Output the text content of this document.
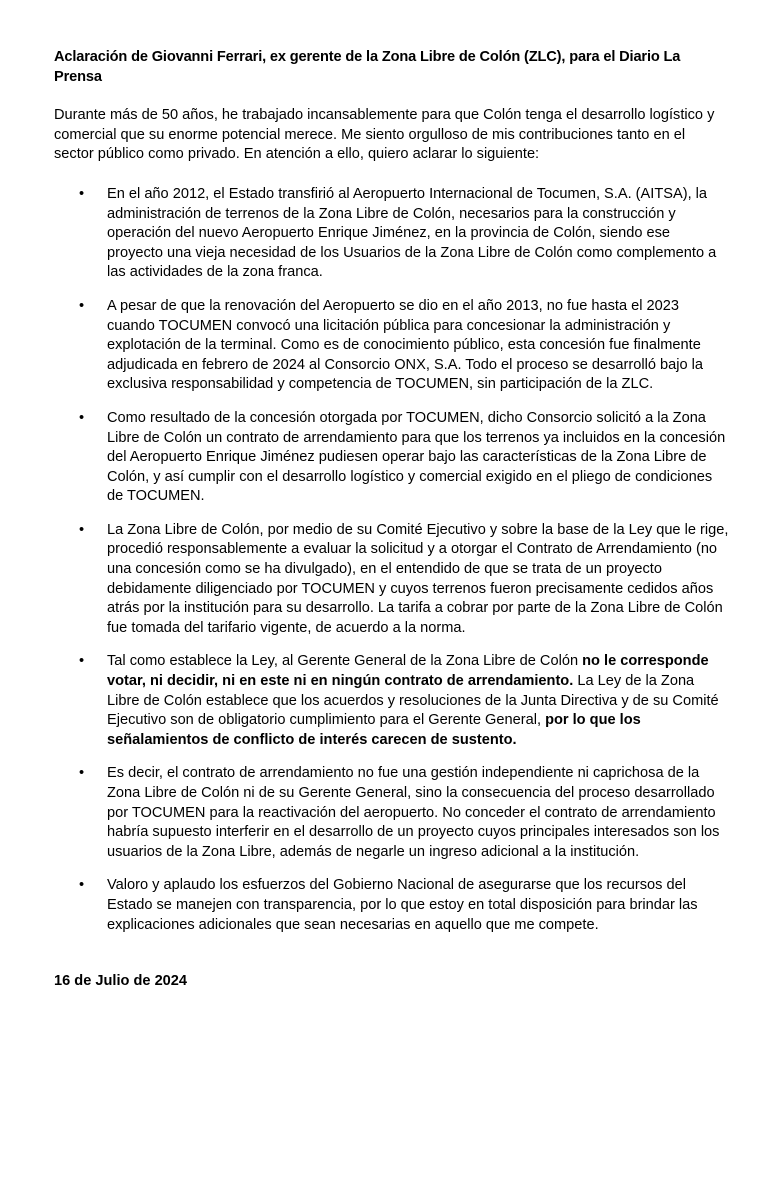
Aclaración de Giovanni Ferrari, ex gerente de la Zona Libre de Colón (ZLC), para el Diario La Prensa

Durante más de 50 años, he trabajado incansablemente para que Colón tenga el desarrollo logístico y comercial que su enorme potencial merece. Me siento orgulloso de mis contribuciones tanto en el sector público como privado. En atención a ello, quiero aclarar lo siguiente:

• En el año 2012, el Estado transfirió al Aeropuerto Internacional de Tocumen, S.A. (AITSA), la administración de terrenos de la Zona Libre de Colón, necesarios para la construcción y operación del nuevo Aeropuerto Enrique Jiménez, en la provincia de Colón, siendo ese proyecto una vieja necesidad de los Usuarios de la Zona Libre de Colón como complemento a las actividades de la zona franca.
• A pesar de que la renovación del Aeropuerto se dio en el año 2013, no fue hasta el 2023 cuando TOCUMEN convocó una licitación pública para concesionar la administración y explotación de la terminal. Como es de conocimiento público, esta concesión fue finalmente adjudicada en febrero de 2024 al Consorcio ONX, S.A. Todo el proceso se desarrolló bajo la exclusiva responsabilidad y competencia de TOCUMEN, sin participación de la ZLC.
• Como resultado de la concesión otorgada por TOCUMEN, dicho Consorcio solicitó a la Zona Libre de Colón un contrato de arrendamiento para que los terrenos ya incluidos en la concesión del Aeropuerto Enrique Jiménez pudiesen operar bajo las características de la Zona Libre de Colón, y así cumplir con el desarrollo logístico y comercial exigido en el pliego de condiciones de TOCUMEN.
• La Zona Libre de Colón, por medio de su Comité Ejecutivo y sobre la base de la Ley que le rige, procedió responsablemente a evaluar la solicitud y a otorgar el Contrato de Arrendamiento (no una concesión como se ha divulgado), en el entendido de que se trata de un proyecto debidamente diligenciado por TOCUMEN y cuyos terrenos fueron precisamente cedidos años atrás por la institución para su desarrollo. La tarifa a cobrar por parte de la Zona Libre de Colón fue tomada del tarifario vigente, de acuerdo a la norma.
• Tal como establece la Ley, al Gerente General de la Zona Libre de Colón no le corresponde votar, ni decidir, ni en este ni en ningún contrato de arrendamiento. La Ley de la Zona Libre de Colón establece que los acuerdos y resoluciones de la Junta Directiva y de su Comité Ejecutivo son de obligatorio cumplimiento para el Gerente General, por lo que los señalamientos de conflicto de interés carecen de sustento.
• Es decir, el contrato de arrendamiento no fue una gestión independiente ni caprichosa de la Zona Libre de Colón ni de su Gerente General, sino la consecuencia del proceso desarrollado por TOCUMEN para la reactivación del aeropuerto. No conceder el contrato de arrendamiento habría supuesto interferir en el desarrollo de un proyecto cuyos principales interesados son los usuarios de la Zona Libre, además de negarle un ingreso adicional a la institución.
• Valoro y aplaudo los esfuerzos del Gobierno Nacional de asegurarse que los recursos del Estado se manejen con transparencia, por lo que estoy en total disposición para brindar las explicaciones adicionales que sean necesarias en aquello que me compete.
16 de Julio de 2024
